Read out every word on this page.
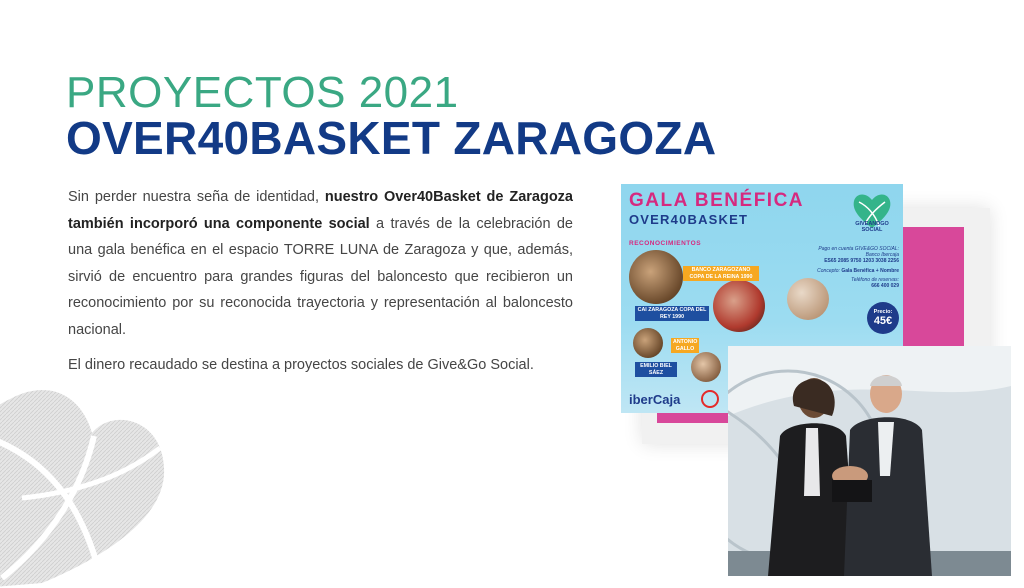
PROYECTOS 2021
OVER40BASKET ZARAGOZA

Sin perder nuestra seña de identidad, nuestro Over40Basket de Zaragoza también incorporó una componente social a través de la celebración de una gala benéfica en el espacio TORRE LUNA de Zaragoza y que, además, sirvió de encuentro para grandes figuras del baloncesto que recibieron un reconocimiento por su reconocida trayectoria y representación al baloncesto nacional.

El dinero recaudado se destina a proyectos sociales de Give&Go Social.

GALA BENÉFICA
OVER40BASKET	GIVEANDGO SOCIAL
RECONOCIMIENTOS
BANCO ZARAGOZANO COPA DE LA REINA 1990
CAI ZARAGOZA COPA DEL REY 1990
ANTONIO GALLO
EMILIO BIEL SÁEZ
Pago en cuenta GIVE&GO SOCIAL:
Banco Ibercaja
ES65 2085 9750 1203 3038 2256
Concepto: Gala Benéfica + Nombre
Teléfono de reservas:
666 400 029
Precio:
45€
iberCaja
